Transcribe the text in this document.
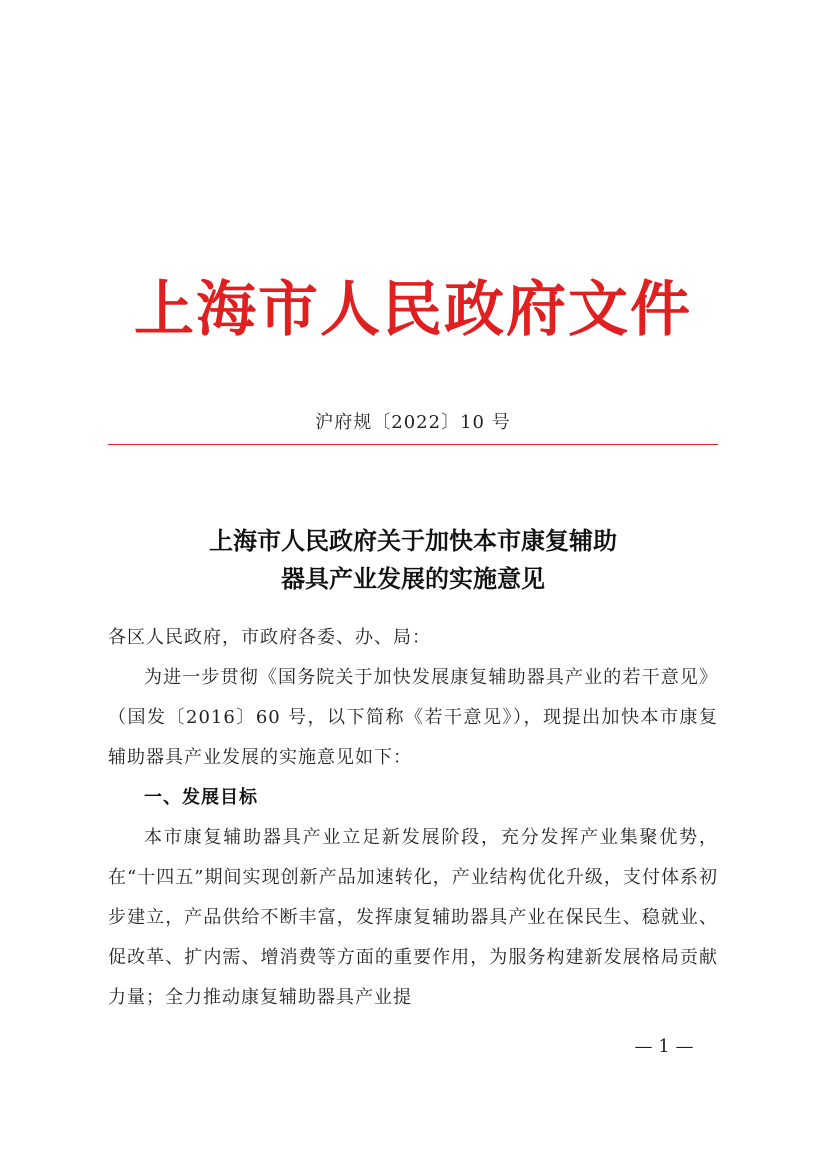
上海市人民政府文件
沪府规〔2022〕10 号
上海市人民政府关于加快本市康复辅助
器具产业发展的实施意见

各区人民政府，市政府各委、办、局：

为进一步贯彻《国务院关于加快发展康复辅助器具产业的若干意见》（国发〔2016〕60 号，以下简称《若干意见》），现提出加快本市康复辅助器具产业发展的实施意见如下：

一、发展目标

本市康复辅助器具产业立足新发展阶段，充分发挥产业集聚优势，在“十四五”期间实现创新产品加速转化，产业结构优化升级，支付体系初步建立，产品供给不断丰富，发挥康复辅助器具产业在保民生、稳就业、促改革、扩内需、增消费等方面的重要作用，为服务构建新发展格局贡献力量；全力推动康复辅助器具产业提

— 1 —
